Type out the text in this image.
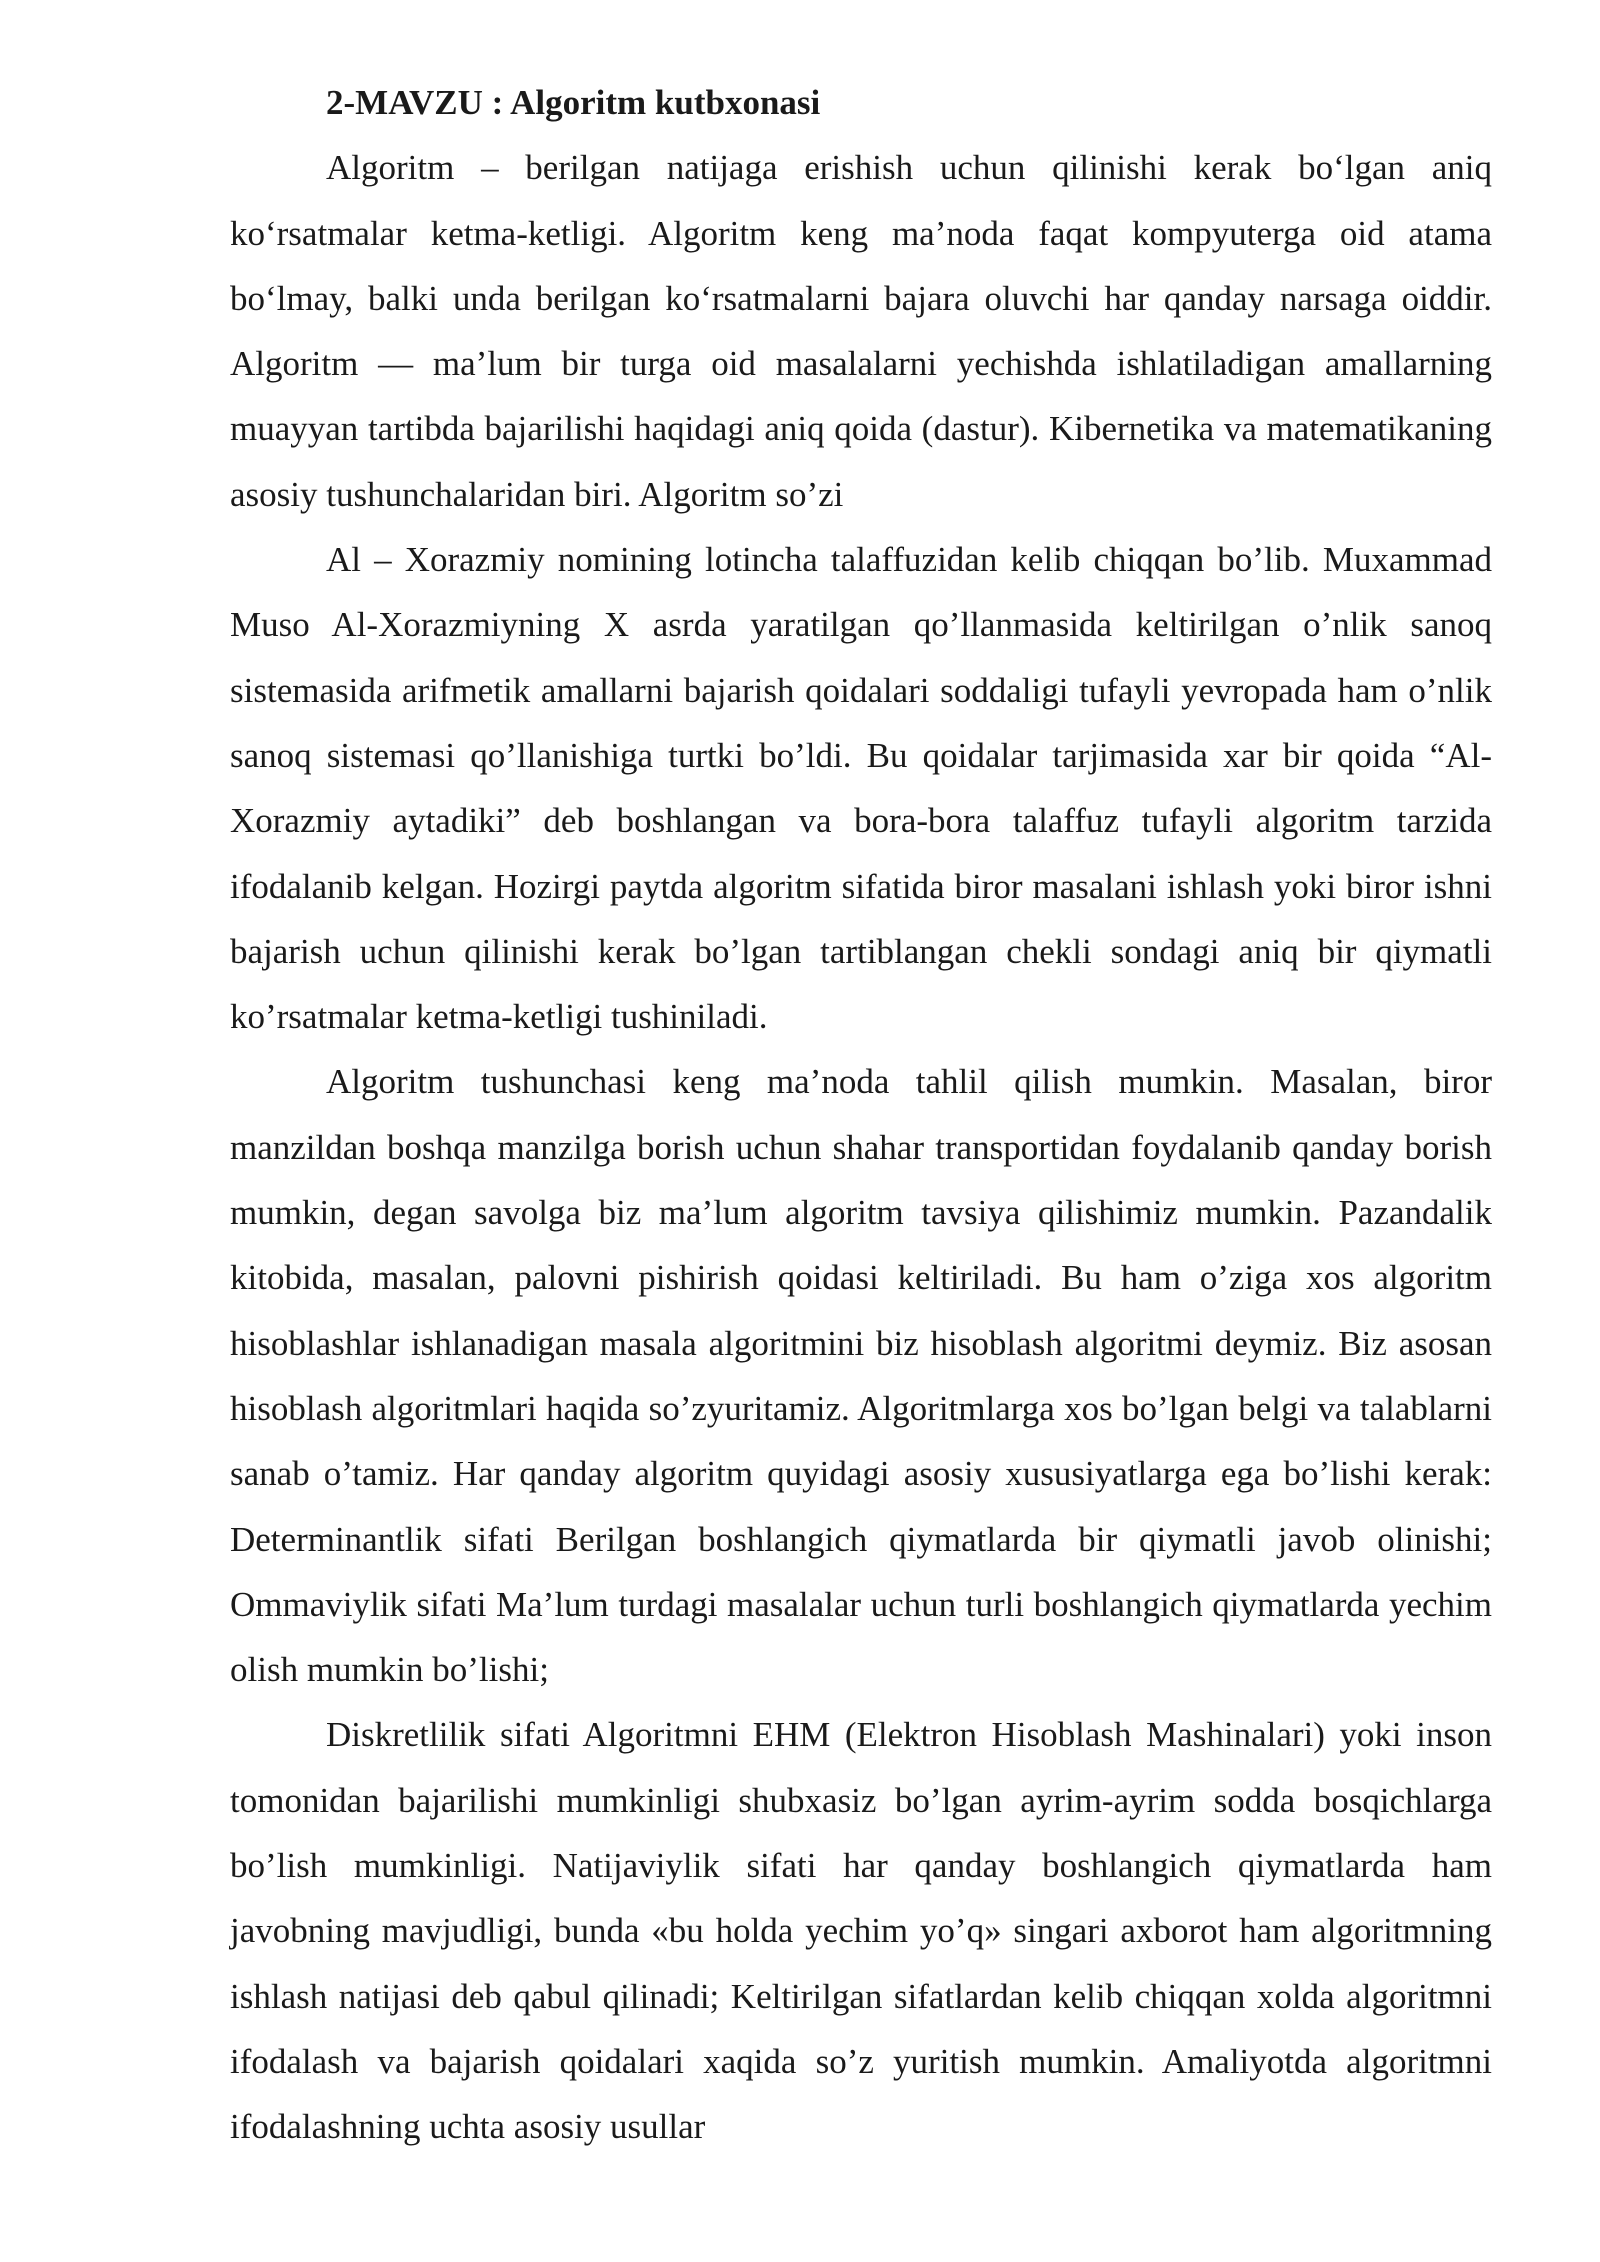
2-MAVZU : Algoritm kutbxonasi

Algoritm – berilgan natijaga erishish uchun qilinishi kerak bo‘lgan aniq ko‘rsatmalar ketma-ketligi. Algoritm keng ma’noda faqat kompyuterga oid atama bo‘lmay, balki unda berilgan ko‘rsatmalarni bajara oluvchi har qanday narsaga oiddir. Algoritm — ma’lum bir turga oid masalalarni yechishda ishlatiladigan amallarning muayyan tartibda bajarilishi haqidagi aniq qoida (dastur). Kibernetika va matematikaning asosiy tushunchalaridan biri. Algoritm so’zi

Al – Xorazmiy nomining lotincha talaffuzidan kelib chiqqan bo’lib. Muxammad Muso Al-Xorazmiyning X asrda yaratilgan qo’llanmasida keltirilgan o’nlik sanoq sistemasida arifmetik amallarni bajarish qoidalari soddaligi tufayli yevropada ham o’nlik sanoq sistemasi qo’llanishiga turtki bo’ldi. Bu qoidalar tarjimasida xar bir qoida “Al-Xorazmiy aytadiki” deb boshlangan va bora-bora talaffuz tufayli algoritm tarzida ifodalanib kelgan. Hozirgi paytda algoritm sifatida biror masalani ishlash yoki biror ishni bajarish uchun qilinishi kerak bo’lgan tartiblangan chekli sondagi aniq bir qiymatli ko’rsatmalar ketma-ketligi tushiniladi.

Algoritm tushunchasi keng ma’noda tahlil qilish mumkin. Masalan, biror manzildan boshqa manzilga borish uchun shahar transportidan foydalanib qanday borish mumkin, degan savolga biz ma’lum algoritm tavsiya qilishimiz mumkin. Pazandalik kitobida, masalan, palovni pishirish qoidasi keltiriladi. Bu ham o’ziga xos algoritm hisoblashlar ishlanadigan masala algoritmini biz hisoblash algoritmi deymiz. Biz asosan hisoblash algoritmlari haqida so’zyuritamiz. Algoritmlarga xos bo’lgan belgi va talablarni sanab o’tamiz. Har qanday algoritm quyidagi asosiy xususiyatlarga ega bo’lishi kerak: Determinantlik sifati Berilgan boshlangich qiymatlarda bir qiymatli javob olinishi; Ommaviylik sifati Ma’lum turdagi masalalar uchun turli boshlangich qiymatlarda yechim olish mumkin bo’lishi;

Diskretlilik sifati Algoritmni EHM (Elektron Hisoblash Mashinalari) yoki inson tomonidan bajarilishi mumkinligi shubxasiz bo’lgan ayrim-ayrim sodda bosqichlarga bo’lish mumkinligi. Natijaviylik sifati har qanday boshlangich qiymatlarda ham javobning mavjudligi, bunda «bu holda yechim yo’q» singari axborot ham algoritmning ishlash natijasi deb qabul qilinadi; Keltirilgan sifatlardan kelib chiqqan xolda algoritmni ifodalash va bajarish qoidalari xaqida so’z yuritish mumkin. Amaliyotda algoritmni ifodalashning uchta asosiy usullar
